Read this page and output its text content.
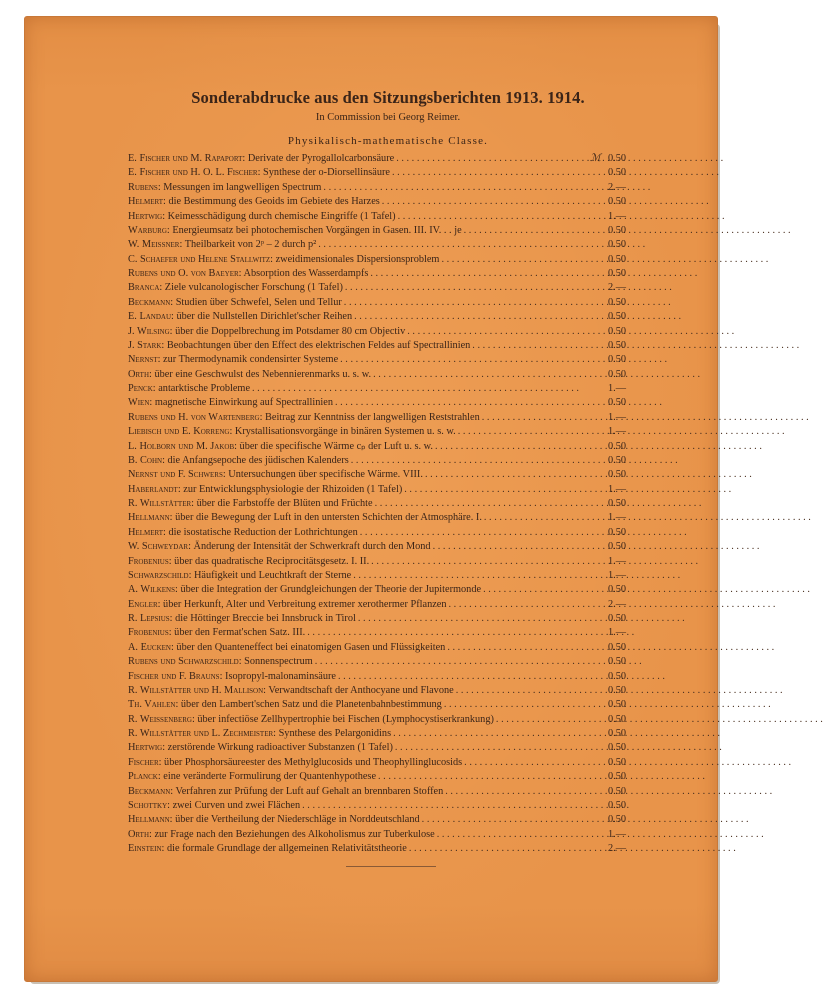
Sonderabdrucke aus den Sitzungsberichten 1913. 1914.
In Commission bei Georg Reimer.
Physikalisch-mathematische Classe.
E. Fischer und M. Rapaport: Derivate der Pyrogallolcarbonsäure . . .	ℳ 0.50
E. Fischer und H. O. L. Fischer: Synthese der o-Diorsellinsäure . . .	0.50
Rubens: Messungen im langwelligen Spectrum . . .	2.—
Helmert: die Bestimmung des Geoids im Gebiete des Harzes . . .	0.50
Hertwig: Keimesschädigung durch chemische Eingriffe (1 Tafel) . . .	1.—
Warburg: Energieumsatz bei photochemischen Vorgängen in Gasen. III. IV. . . je . . .	0.50
W. Meissner: Theilbarkeit von 2ᵖ – 2 durch p² . . .	0.50
C. Schaefer und Helene Stallwitz: zweidimensionales Dispersionsproblem . . .	0.50
Rubens und O. von Baeyer: Absorption des Wasserdampfs . . .	0.50
Branca: Ziele vulcanologischer Forschung (1 Tafel) . . .	2.—
Beckmann: Studien über Schwefel, Selen und Tellur . . .	0.50
E. Landau: über die Nullstellen Dirichlet'scher Reihen . . .	0.50
J. Wilsing: über die Doppelbrechung im Potsdamer 80 cm Objectiv . . .	0.50
J. Stark: Beobachtungen über den Effect des elektrischen Feldes auf Spectrallinien . . .	0.50
Nernst: zur Thermodynamik condensirter Systeme . . .	0.50
Orth: über eine Geschwulst des Nebennierenmarks u. s. w. . . .	0.50
Penck: antarktische Probleme . . .	1.—
Wien: magnetische Einwirkung auf Spectrallinien . . .	0.50
Rubens und H. von Wartenberg: Beitrag zur Kenntniss der langwelligen Reststrahlen . . .	1.—
Liebisch und E. Korreng: Krystallisationsvorgänge in binären Systemen u. s. w. . . .	1.—
L. Holborn und M. Jakob: über die specifische Wärme cₚ der Luft u. s. w. . . .	0.50
B. Cohn: die Anfangsepoche des jüdischen Kalenders . . .	0.50
Nernst und F. Schwers: Untersuchungen über specifische Wärme. VIII. . . .	0.50
Haberlandt: zur Entwicklungsphysiologie der Rhizoiden (1 Tafel) . . .	1.—
R. Willstätter: über die Farbstoffe der Blüten und Früchte . . .	0.50
Hellmann: über die Bewegung der Luft in den untersten Schichten der Atmosphäre. I. . . .	1.—
Helmert: die isostatische Reduction der Lothrichtungen . . .	0.50
W. Schweydar: Änderung der Intensität der Schwerkraft durch den Mond . . .	0.50
Frobenius: über das quadratische Reciprocitätsgesetz. I. II. . . .	1.—
Schwarzschild: Häufigkeit und Leuchtkraft der Sterne . . .	1.—
A. Wilkens: über die Integration der Grundgleichungen der Theorie der Jupitermonde . . .	0.50
Engler: über Herkunft, Alter und Verbreitung extremer xerothermer Pflanzen . . .	2.—
R. Lepsius: die Höttinger Breccie bei Innsbruck in Tirol . . .	0.50
Frobenius: über den Fermat'schen Satz. III. . . .	1.—
A. Eucken: über den Quanteneffect bei einatomigen Gasen und Flüssigkeiten . . .	0.50
Rubens und Schwarzschild: Sonnenspectrum . . .	0.50
Fischer und F. Brauns: Isopropyl-malonaminsäure . . .	0.50
R. Willstätter und H. Mallison: Verwandtschaft der Anthocyane und Flavone . . .	0.50
Th. Vahlen: über den Lambert'schen Satz und die Planetenbahnbestimmung . . .	0.50
R. Weissenberg: über infectiöse Zellhypertrophie bei Fischen (Lymphocystiserkrankung) . . .	0.50
R. Willstätter und L. Zechmeister: Synthese des Pelargonidins . . .	0.50
Hertwig: zerstörende Wirkung radioactiver Substanzen (1 Tafel) . . .	0.50
Fischer: über Phosphorsäureester des Methylglucosids und Theophyllinglucosids . . .	0.50
Planck: eine veränderte Formulirung der Quantenhypothese . . .	0.50
Beckmann: Verfahren zur Prüfung der Luft auf Gehalt an brennbaren Stoffen . . .	0.50
Schottky: zwei Curven und zwei Flächen . . .	0.50
Hellmann: über die Vertheilung der Niederschläge in Norddeutschland . . .	0.50
Orth: zur Frage nach den Beziehungen des Alkoholismus zur Tuberkulose . . .	1.—
Einstein: die formale Grundlage der allgemeinen Relativitätstheorie . . .	2.—
